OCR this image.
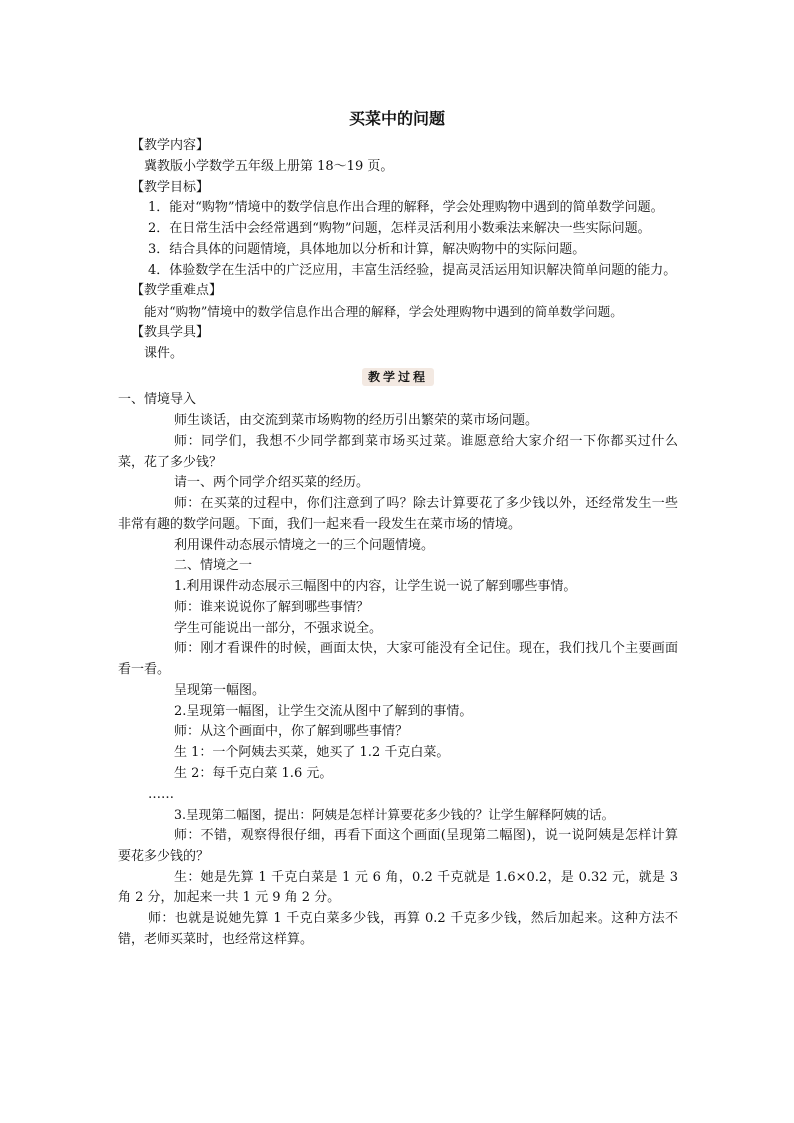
买菜中的问题
【教学内容】
冀教版小学数学五年级上册第 18～19 页。
【教学目标】
1．能对“购物”情境中的数学信息作出合理的解释，学会处理购物中遇到的简单数学问题。
2．在日常生活中会经常遇到“购物”问题，怎样灵活利用小数乘法来解决一些实际问题。
3．结合具体的问题情境，具体地加以分析和计算，解决购物中的实际问题。
4．体验数学在生活中的广泛应用，丰富生活经验，提高灵活运用知识解决简单问题的能力。
【教学重难点】
能对“购物”情境中的数学信息作出合理的解释，学会处理购物中遇到的简单数学问题。
【教具学具】
课件。
教学过程
一、情境导入
师生谈话，由交流到菜市场购物的经历引出繁荣的菜市场问题。
师：同学们，我想不少同学都到菜市场买过菜。谁愿意给大家介绍一下你都买过什么菜，花了多少钱？
请一、两个同学介绍买菜的经历。
师：在买菜的过程中，你们注意到了吗？除去计算要花了多少钱以外，还经常发生一些非常有趣的数学问题。下面，我们一起来看一段发生在菜市场的情境。
利用课件动态展示情境之一的三个问题情境。
二、情境之一
1.利用课件动态展示三幅图中的内容，让学生说一说了解到哪些事情。
师：谁来说说你了解到哪些事情？
学生可能说出一部分，不强求说全。
师：刚才看课件的时候，画面太快，大家可能没有全记住。现在，我们找几个主要画面看一看。
呈现第一幅图。
2.呈现第一幅图，让学生交流从图中了解到的事情。
师：从这个画面中，你了解到哪些事情？
生 1：一个阿姨去买菜，她买了 1.2 千克白菜。
生 2：每千克白菜 1.6 元。
……
3.呈现第二幅图，提出：阿姨是怎样计算要花多少钱的？让学生解释阿姨的话。
师：不错，观察得很仔细，再看下面这个画面(呈现第二幅图)，说一说阿姨是怎样计算要花多少钱的？
生：她是先算 1 千克白菜是 1 元 6 角，0.2 千克就是 1.6×0.2，是 0.32 元，就是 3 角 2 分，加起来一共 1 元 9 角 2 分。
师：也就是说她先算 1 千克白菜多少钱，再算 0.2 千克多少钱，然后加起来。这种方法不错，老师买菜时，也经常这样算。
